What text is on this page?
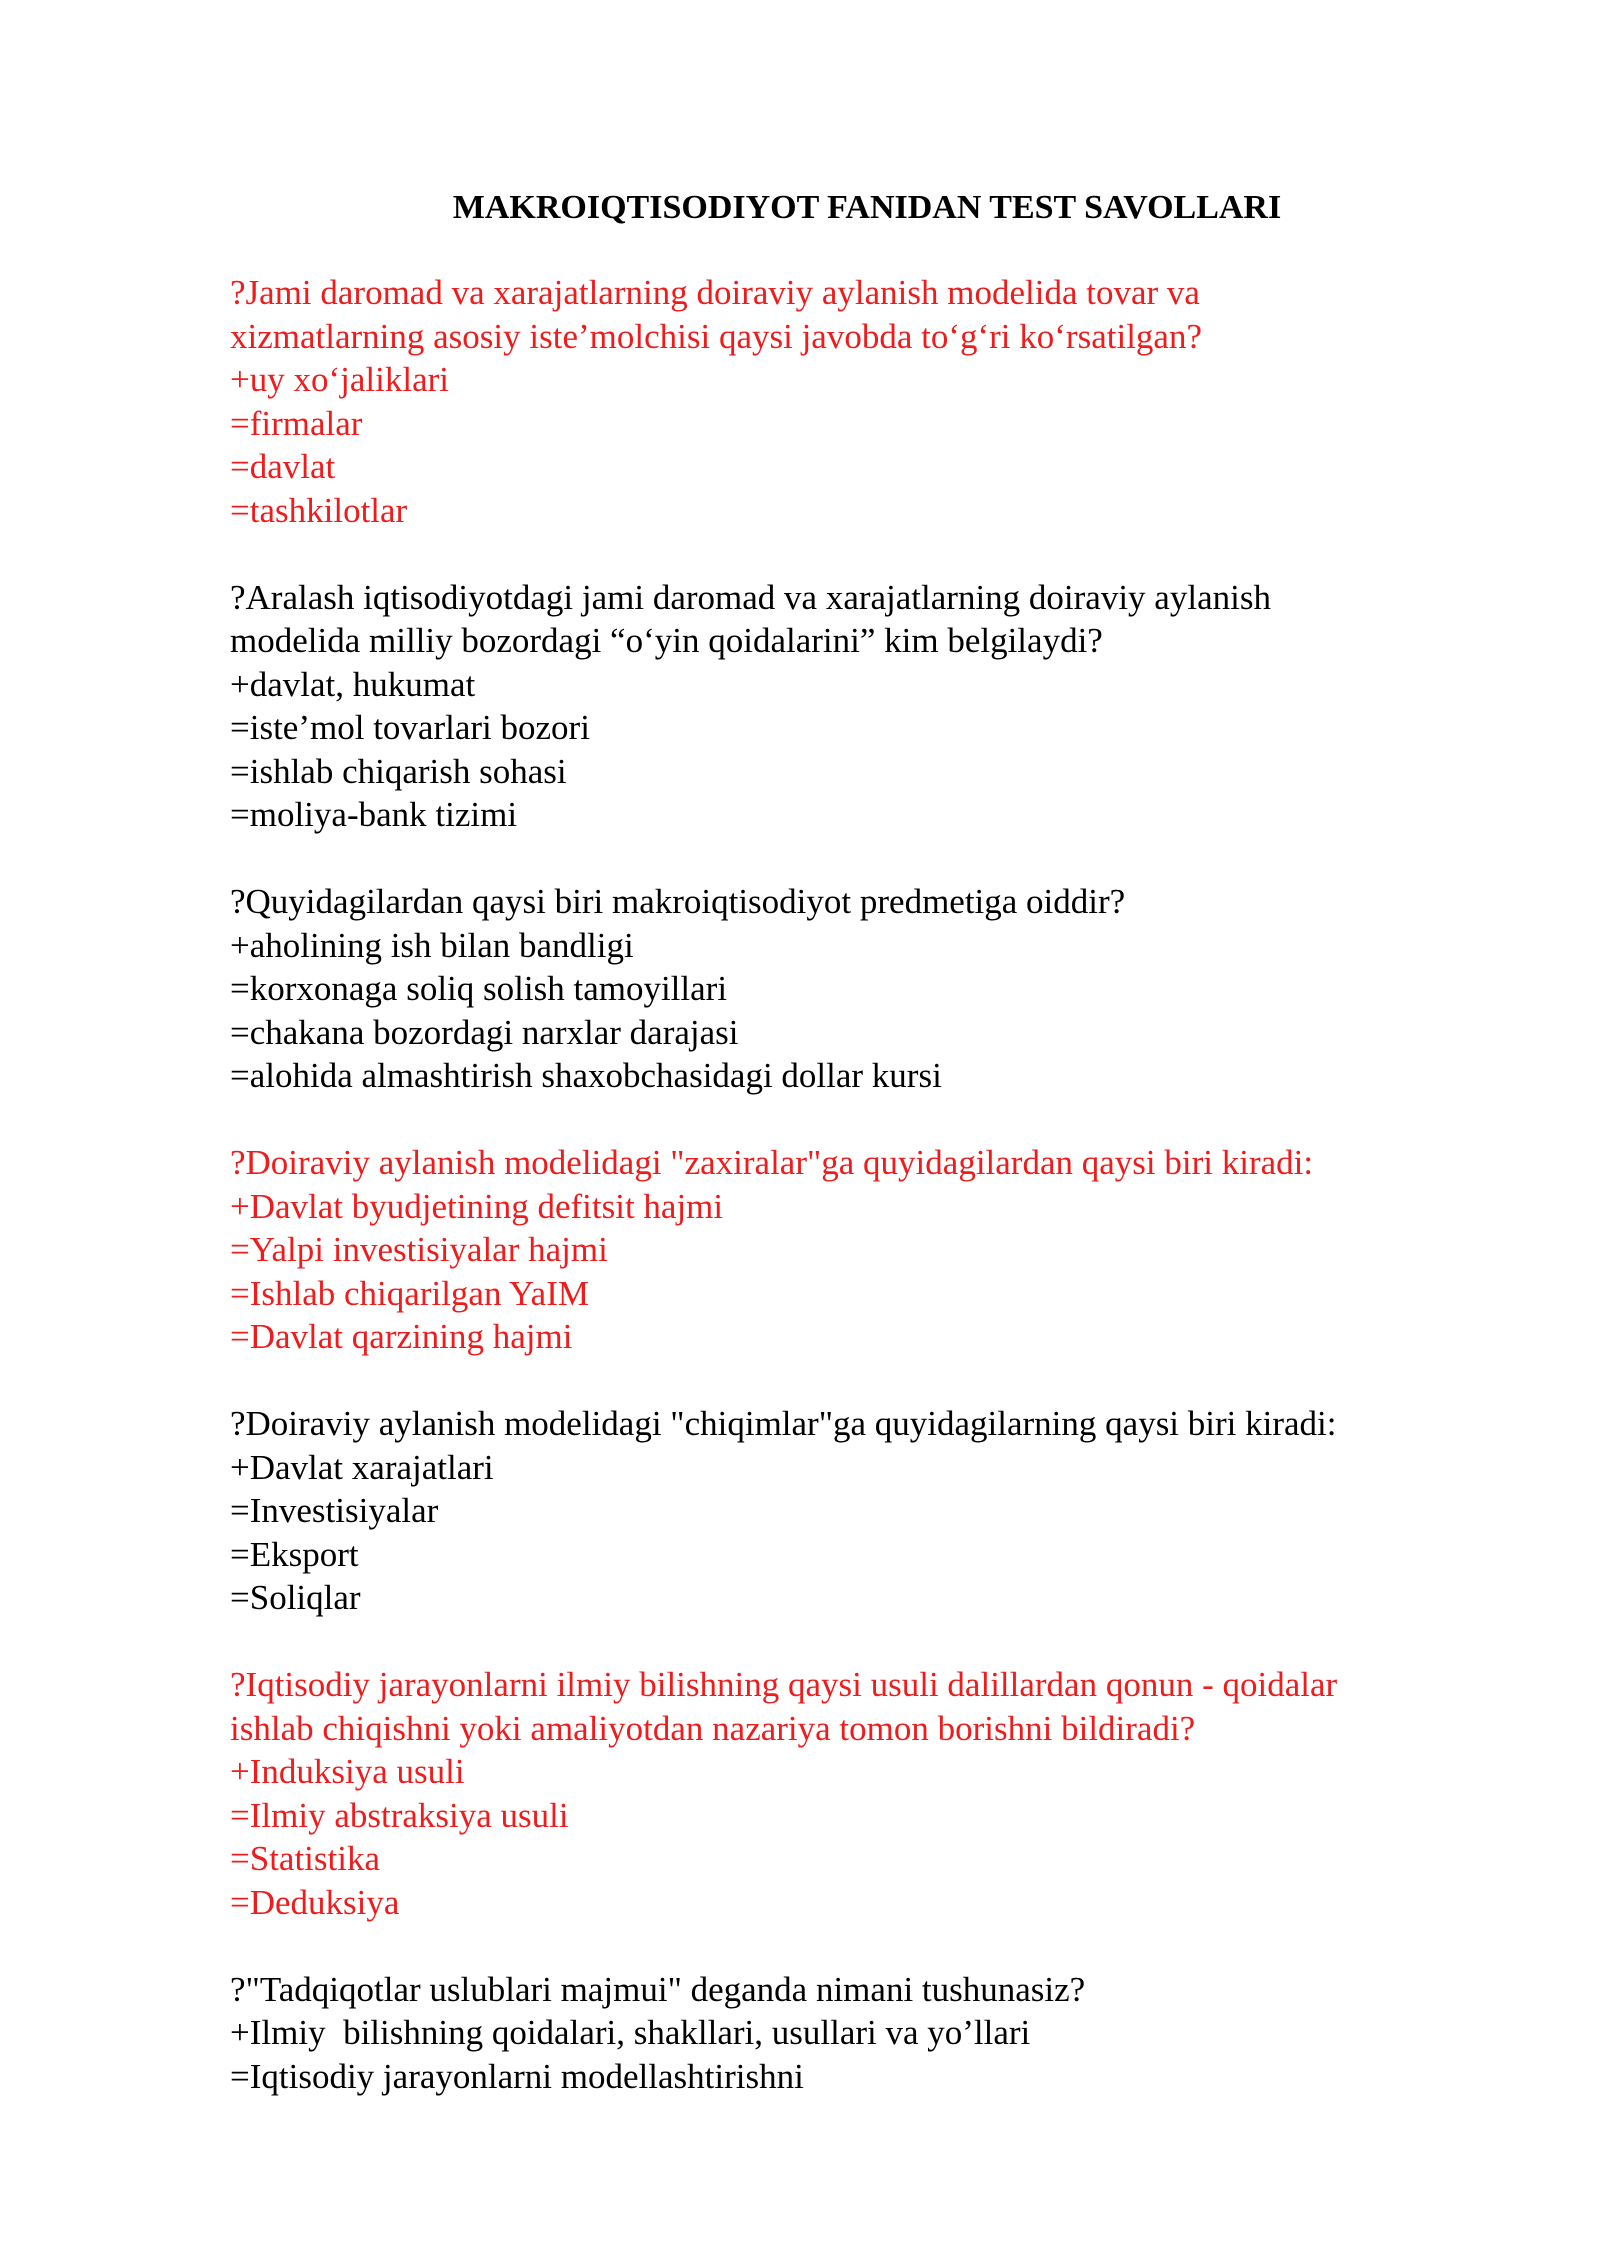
MAKROIQTISODIYOT FANIDAN TEST SAVOLLARI
?Jami daromad va xarajatlarning doiraviy aylanish modelida tovar va
xizmatlarning asosiy iste’molchisi qaysi javobda to‘g‘ri ko‘rsatilgan?
+uy xo‘jaliklari
=firmalar
=davlat
=tashkilotlar
?Aralash iqtisodiyotdagi jami daromad va xarajatlarning doiraviy aylanish
modelida milliy bozordagi “o‘yin qoidalarini” kim belgilaydi?
+davlat, hukumat
=iste’mol tovarlari bozori
=ishlab chiqarish sohasi
=moliya-bank tizimi
?Quyidagilardan qaysi biri makroiqtisodiyot predmetiga oiddir?
+aholining ish bilan bandligi
=korxonaga soliq solish tamoyillari
=chakana bozordagi narxlar darajasi
=alohida almashtirish shaxobchasidagi dollar kursi
?Doiraviy aylanish modelidagi "zaxiralar"ga quyidagilardan qaysi biri kiradi:
+Davlat byudjetining defitsit hajmi
=Yalpi investisiyalar hajmi
=Ishlab chiqarilgan YaIM
=Davlat qarzining hajmi
?Doiraviy aylanish modelidagi "chiqimlar"ga quyidagilarning qaysi biri kiradi:
+Davlat xarajatlari
=Investisiyalar
=Eksport
=Soliqlar
?Iqtisodiy jarayonlarni ilmiy bilishning qaysi usuli dalillardan qonun - qoidalar
ishlab chiqishni yoki amaliyotdan nazariya tomon borishni bildiradi?
+Induksiya usuli
=Ilmiy abstraksiya usuli
=Statistika
=Deduksiya
?"Tadqiqotlar uslublari majmui" deganda nimani tushunasiz?
+Ilmiy  bilishning qoidalari, shakllari, usullari va yo’llari
=Iqtisodiy jarayonlarni modellashtirishni
